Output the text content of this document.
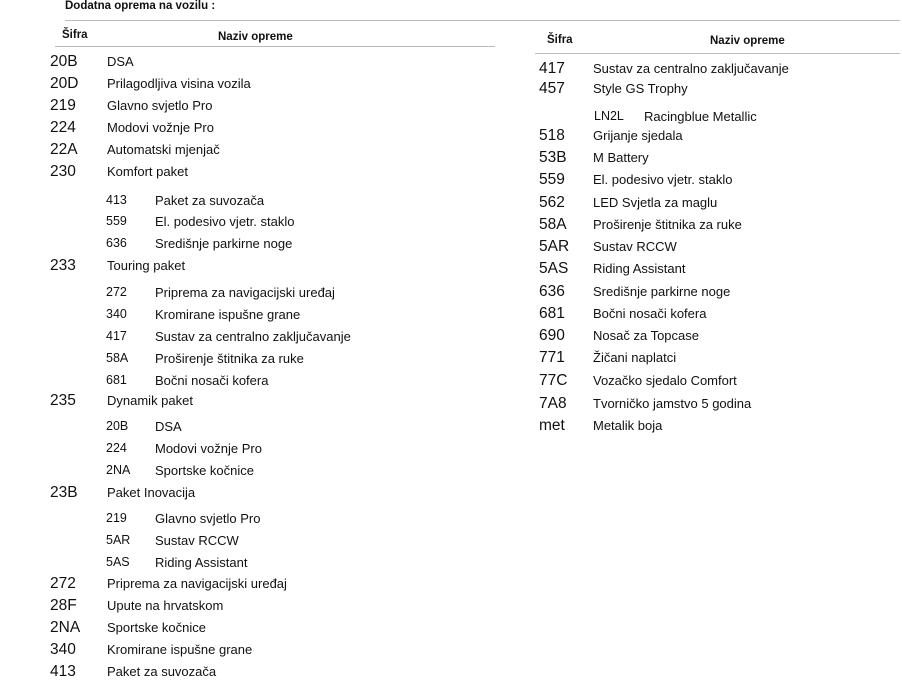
Dodatna oprema na vozilu :
Šifra	Naziv opreme	Šifra	Naziv opreme
20B DSA
20D Prilagodljiva visina vozila
219 Glavno svjetlo Pro
224 Modovi vožnje Pro
22A Automatski mjenjač
230 Komfort paket
413 Paket za suvozača
559 El. podesivo vjetr. staklo
636 Središnje parkirne noge
233 Touring paket
272 Priprema za navigacijski uređaj
340 Kromirane ispušne grane
417 Sustav za centralno zaključavanje
58A Proširenje štitnika za ruke
681 Bočni nosači kofera
235 Dynamik paket
20B DSA
224 Modovi vožnje Pro
2NA Sportske kočnice
23B Paket Inovacija
219 Glavno svjetlo Pro
5AR Sustav RCCW
5AS Riding Assistant
272 Priprema za navigacijski uređaj
28F Upute na hrvatskom
2NA Sportske kočnice
340 Kromirane ispušne grane
413 Paket za suvozača
417 Sustav za centralno zaključavanje
457 Style GS Trophy
LN2L Racingblue Metallic
518 Grijanje sjedala
53B M Battery
559 El. podesivo vjetr. staklo
562 LED Svjetla za maglu
58A Proširenje štitnika za ruke
5AR Sustav RCCW
5AS Riding Assistant
636 Središnje parkirne noge
681 Bočni nosači kofera
690 Nosač za Topcase
771 Žičani naplatci
77C Vozačko sjedalo Comfort
7A8 Tvorničko jamstvo 5 godina
met Metalik boja
